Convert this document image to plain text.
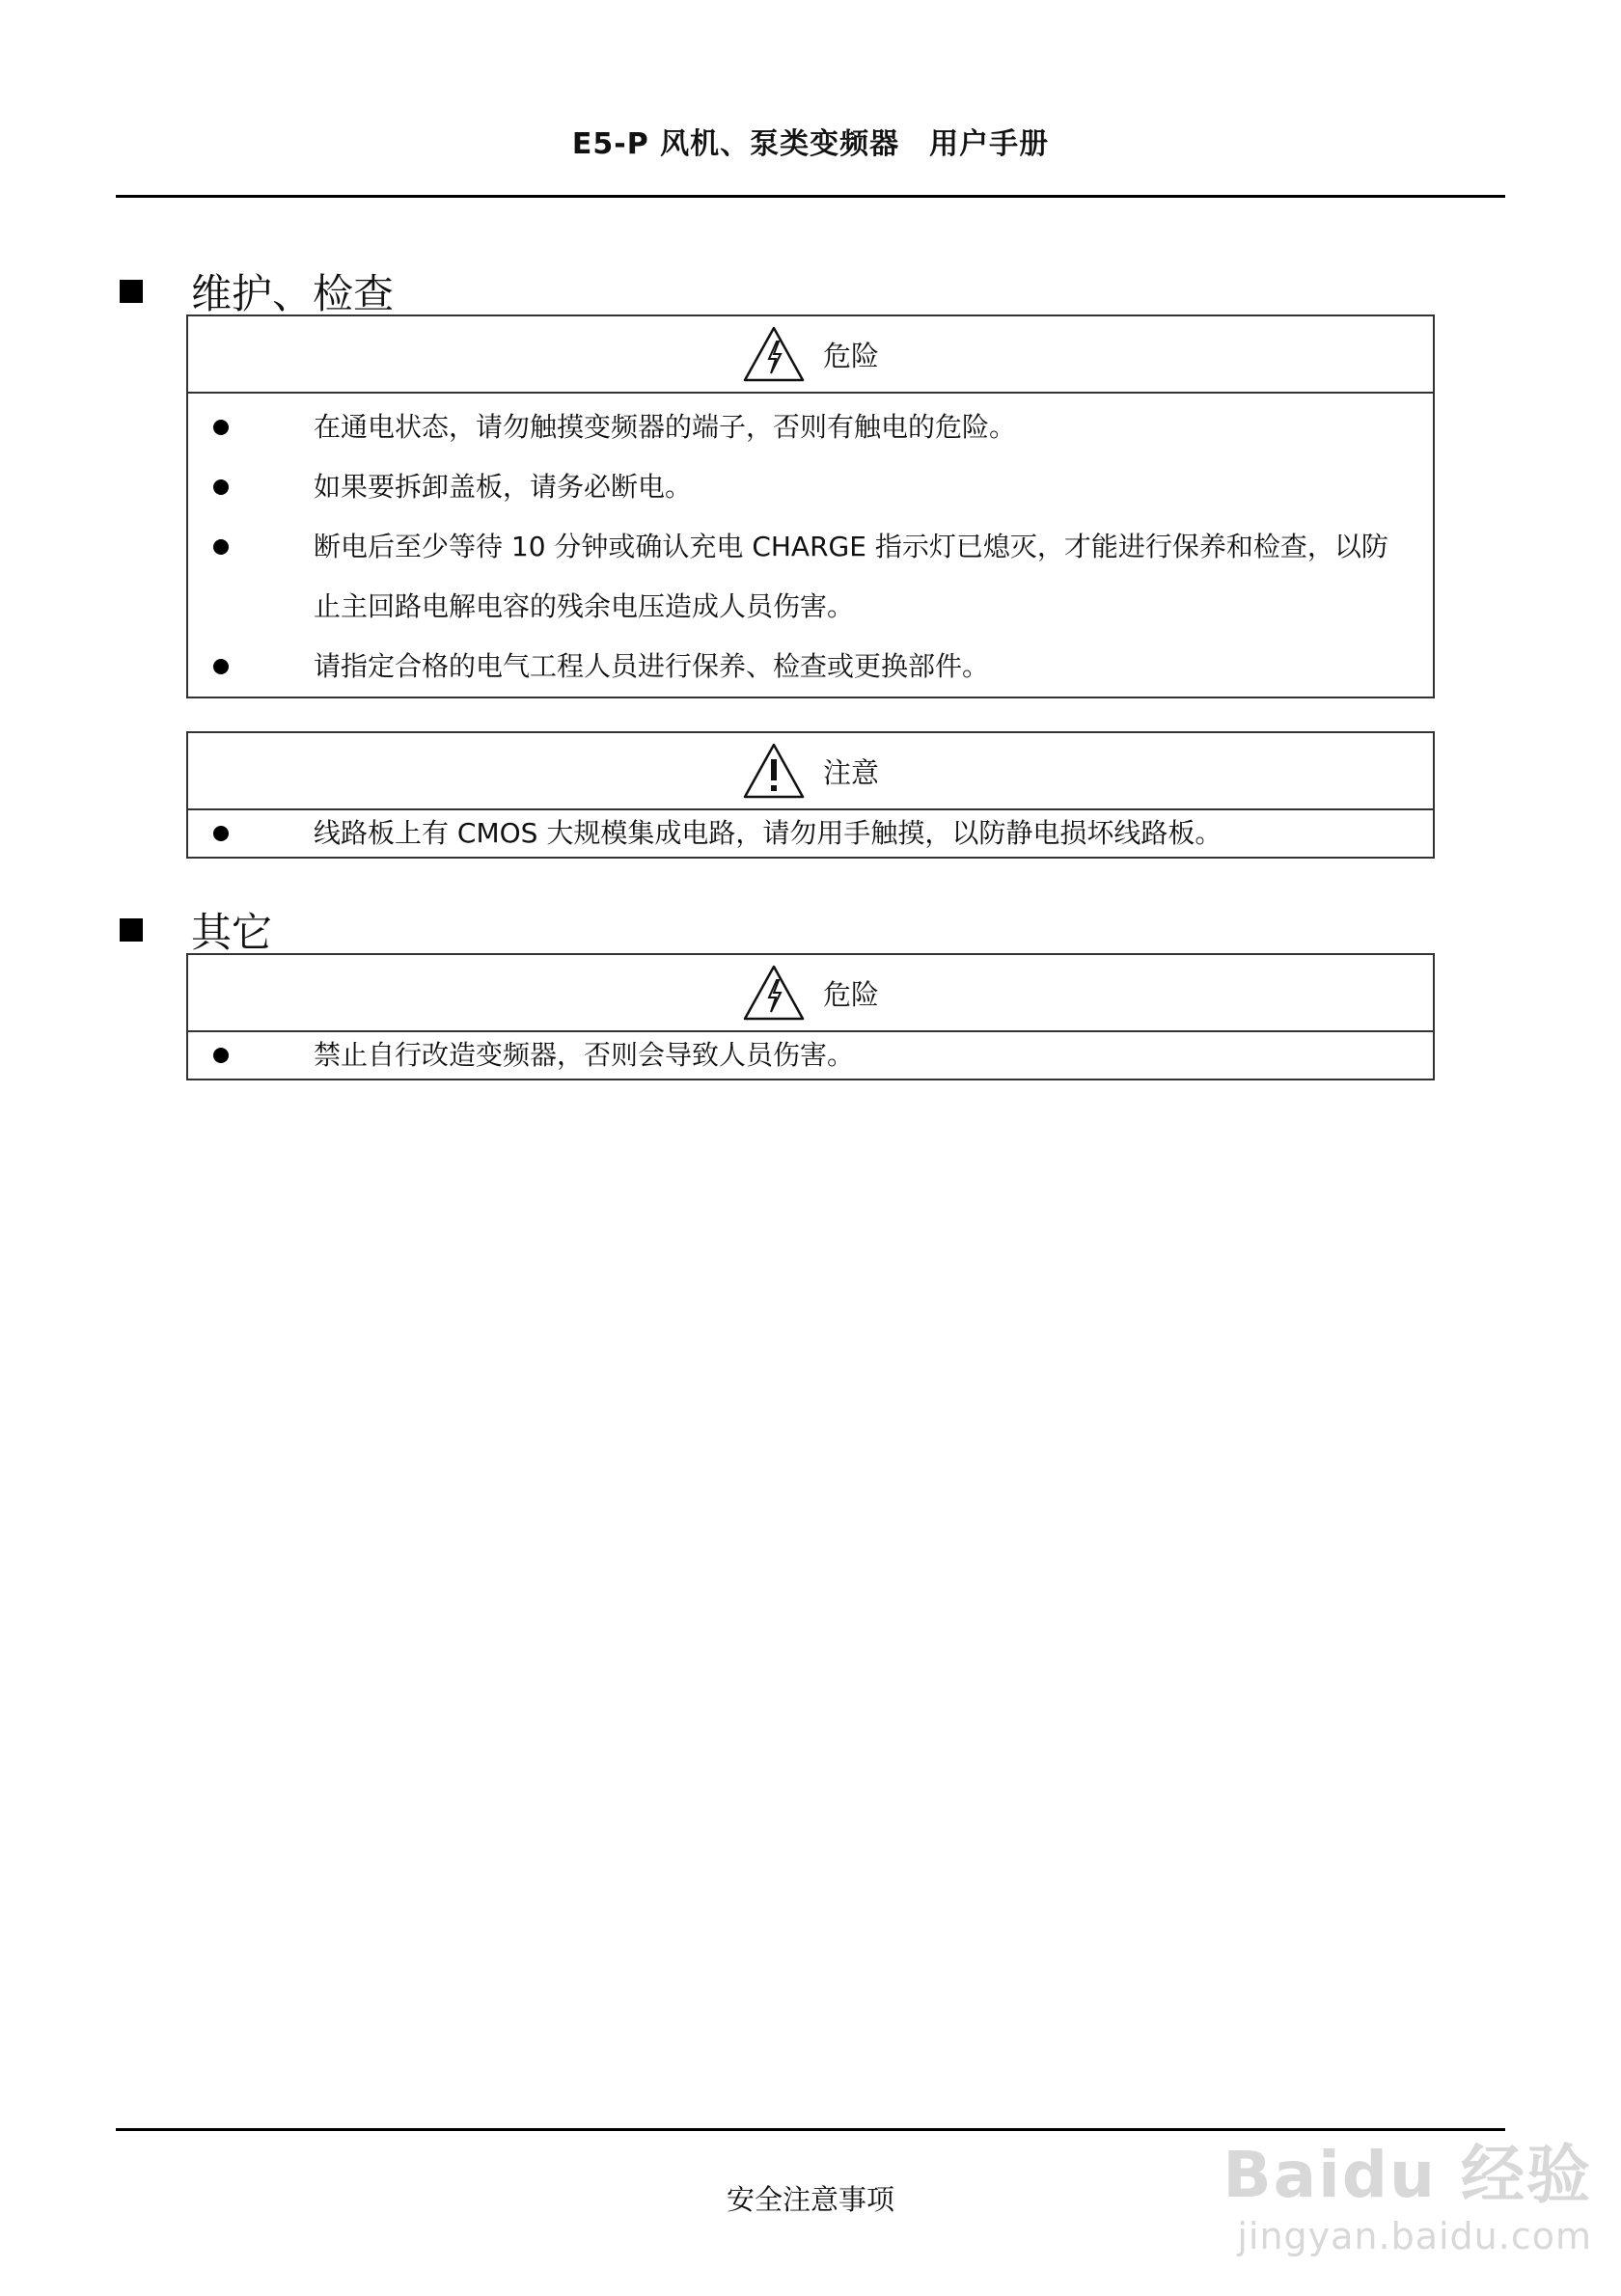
E5-P 风机、泵类变频器　用户手册
维护、检查
危险
在通电状态，请勿触摸变频器的端子，否则有触电的危险。
如果要拆卸盖板，请务必断电。
断电后至少等待 10 分钟或确认充电 CHARGE 指示灯已熄灭，才能进行保养和检查，以防止主回路电解电容的残余电压造成人员伤害。
请指定合格的电气工程人员进行保养、检查或更换部件。
注意
线路板上有 CMOS 大规模集成电路，请勿用手触摸，以防静电损坏线路板。
其它
危险
禁止自行改造变频器，否则会导致人员伤害。
安全注意事项	Baidu 经验
jingyan.baidu.com
